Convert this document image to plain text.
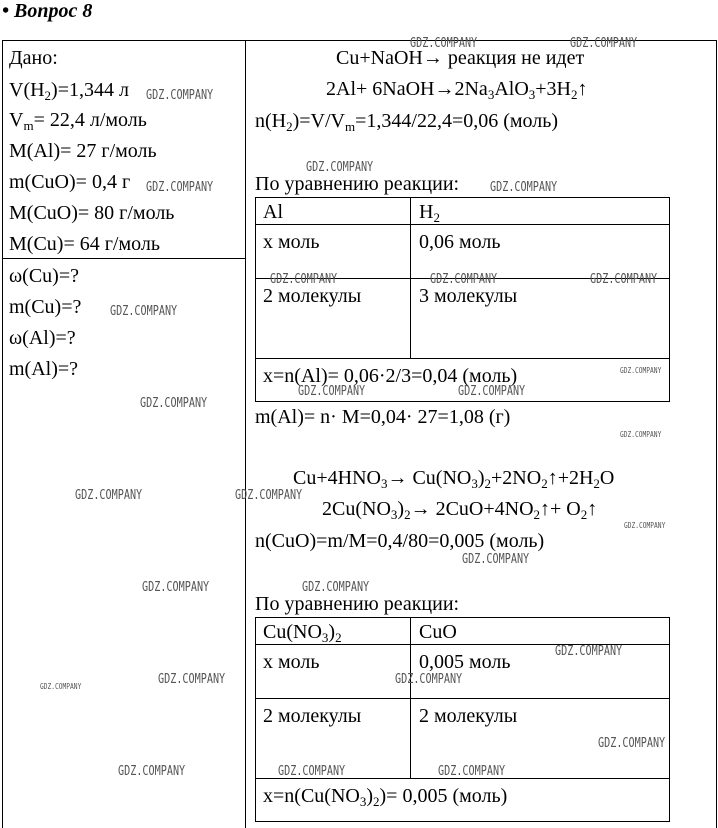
• Вопрос 8
Дано:
$V(H_2)=1,344$ л
$V_m= 22,4$ л/моль
M(Al)= 27 г/моль
m(CuO)= 0,4 г
M(CuO)= 80 г/моль
M(Cu)= 64 г/моль
ω(Cu)=?
m(Cu)=?
ω(Al)=?
m(Al)=?
Cu+NaOH→ реакция не идет
$2Al+ 6NaOH\to 2Na_3AlO_3+3H_2↑$
$n(H_2)=V/V_m=1,344/22,4=0,06$ (моль)
По уравнению реакции:
Al	$H_2$
x моль	0,06 моль
2 молекулы	3 молекулы
x=n(Al)= 0,06·2/3=0,04 (моль)
m(Al)= n· M=0,04· 27=1,08 (г)
$Cu+4HNO_3\to$ $Cu(NO_3)_2+2NO_2↑+2H_2O$
$2Cu(NO_3)_2\to$ $2CuO+4NO_2↑+$ $O_2↑$
n(CuO)=m/M=0,4/80=0,005 (моль)
По уравнению реакции:
$Cu(NO_3)_2$	CuO
x моль	0,005 моль
2 молекулы	2 молекулы
$x=n(Cu(NO_3)_2)= 0,005$ (моль)
GDZ.COMPANY	GDZ.COMPANY
GDZ.COMPANY
GDZ.COMPANY
GDZ.COMPANY	GDZ.COMPANY
GDZ.COMPANY	GDZ.COMPANY	GDZ.COMPANY
GDZ.COMPANY
GDZ.COMPANY
GDZ.COMPANY	GDZ.COMPANY
GDZ.COMPANY
GDZ.COMPANY
GDZ.COMPANY	GDZ.COMPANY
GDZ.COMPANY
GDZ.COMPANY
GDZ.COMPANY	GDZ.COMPANY
GDZ.COMPANY
GDZ.COMPANY	GDZ.COMPANY	GDZ.COMPANY
GDZ.COMPANY
GDZ.COMPANY	GDZ.COMPANY	GDZ.COMPANY
